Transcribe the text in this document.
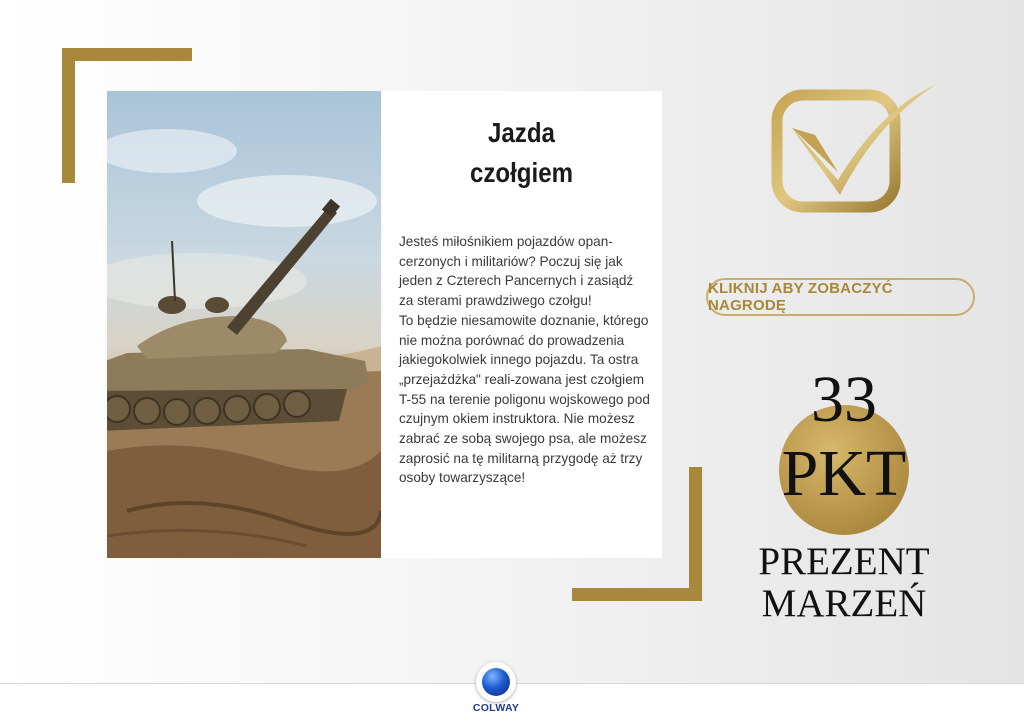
Jazda
czołgiem

Jesteś miłośnikiem pojazdów opan-cerzonych i militariów? Poczuj się jak jeden z Czterech Pancernych i zasiądź za sterami prawdziwego czołgu!

To będzie niesamowite doznanie, którego nie można porównać do prowadzenia jakiegokolwiek innego pojazdu. Ta ostra „przejażdżka" reali-zowana jest czołgiem T-55 na terenie poligonu wojskowego pod czujnym okiem instruktora. Nie możesz zabrać ze sobą swojego psa, ale możesz zaprosić na tę militarną przygodę aż trzy osoby towarzyszące!

KLIKNIJ ABY ZOBACZYĆ NAGRODĘ
33
PKT
PREZENT
MARZEŃ
COLWAY
